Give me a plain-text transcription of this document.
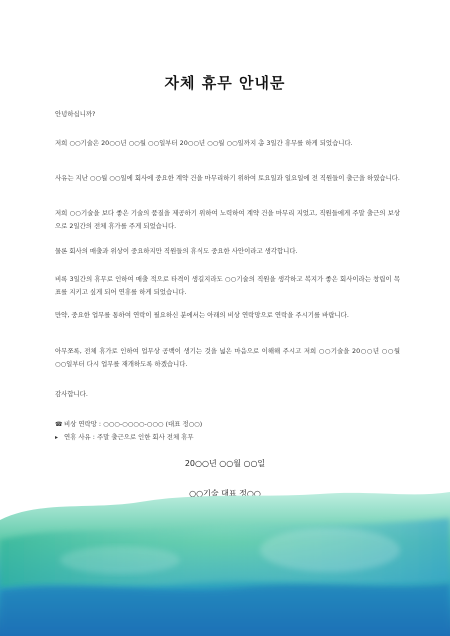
자체 휴무 안내문
안녕하십니까?
저희 ○○기술은 20○○년 ○○월 ○○일부터 20○○년 ○○월 ○○일까지 총 3일간 휴무를 하게 되었습니다.
사유는 지난 ○○월 ○○일에 회사에 중요한 계약 건을 마무리하기 위하여 토요일과 일요일에 전 직원들이 출근을 하였습니다.
저희 ○○기술을 보다 좋은 기술의 품질을 제공하기 위하여 노력하여 계약 건을 마무리 지었고, 직원들에게 주말 출근의 보상으로 2일간의 전체 휴가를 주게 되었습니다.
물론 회사의 매출과 위상이 중요하지만 직원들의 휴식도 중요한 사안이라고 생각합니다.
비록 3일간의 휴무로 인하여 매출 적으로 타격이 생길지라도 ○○기술의 직원을 생각하고 복지가 좋은 회사이라는 창립이 목표를 지키고 싶게 되어 연휴를 하게 되었습니다.
만약, 중요한 업무를 통하여 연락이 필요하신 분에서는 아래의 비상 연락망으로 연락을 주시기를 바랍니다.
아무쪼록, 전체 휴가로 인하여 업무상 공백이 생기는 것을 넓은 마음으로 이해해 주시고 저희 ○○기술을 20○○년 ○○월 ○○일부터 다시 업무를 재개하도록 하겠습니다.
감사합니다.
☎ 비상 연락망 : ○○○-○○○○-○○○ (대표 정○○)
▸ 연휴 사유 : 주말 출근으로 인한 회사 전체 휴무
20○○년 ○○월 ○○일
○○기술 대표 정○○
